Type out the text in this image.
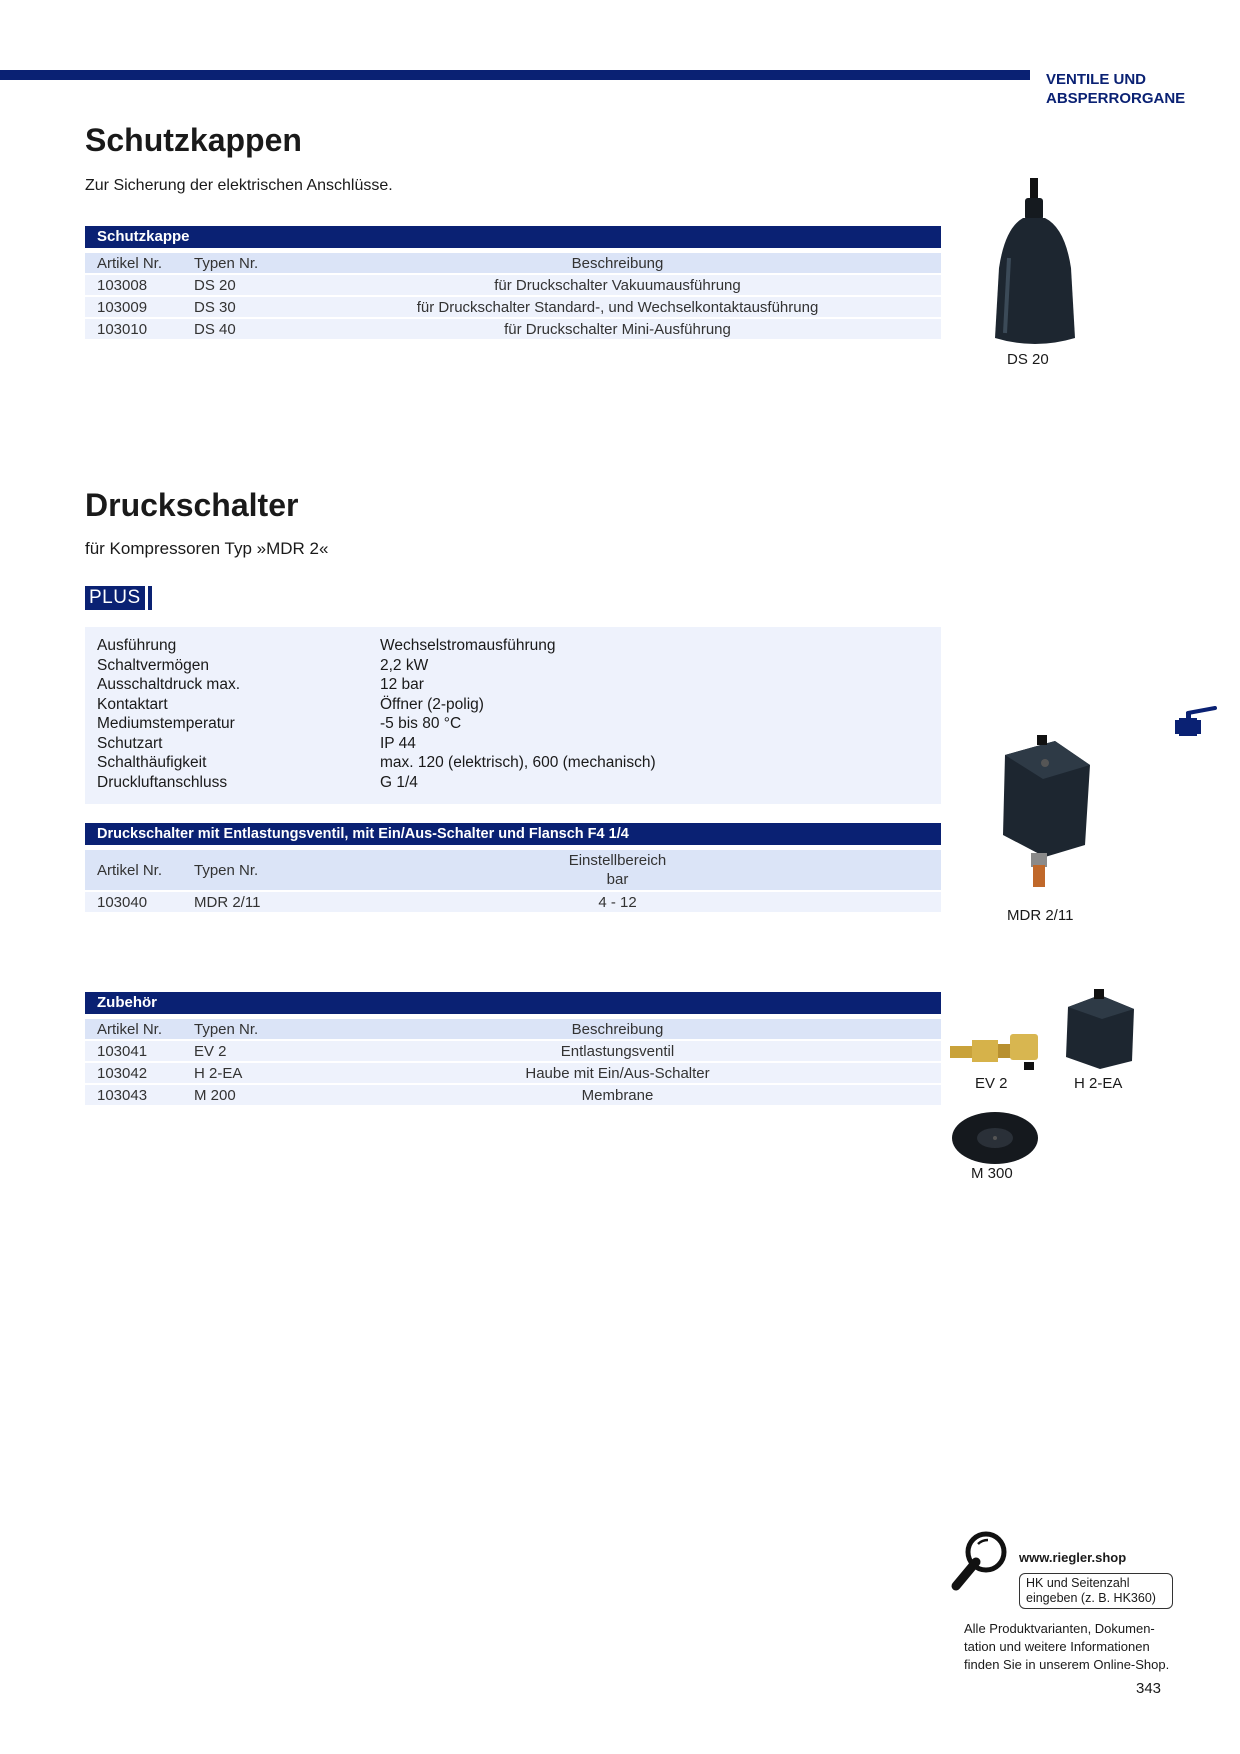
VENTILE UND
ABSPERRORGANE
Schutzkappen
Zur Sicherung der elektrischen Anschlüsse.
Schutzkappe
Artikel Nr.	Typen Nr.	Beschreibung
103008	DS 20	für Druckschalter Vakuumausführung
103009	DS 30	für Druckschalter Standard-, und Wechselkontaktausführung
103010	DS 40	für Druckschalter Mini-Ausführung
DS 20
Druckschalter
für Kompressoren Typ »MDR 2«
PLUS
Ausführung	Wechselstromausführung
Schaltvermögen	2,2 kW
Ausschaltdruck max.	12 bar
Kontaktart	Öffner (2-polig)
Mediumstemperatur	-5 bis 80 °C
Schutzart	IP 44
Schalthäufigkeit	max. 120 (elektrisch), 600 (mechanisch)
Druckluftanschluss	G 1/4
Druckschalter mit Entlastungsventil, mit Ein/Aus-Schalter und Flansch F4 1/4
Artikel Nr.	Typen Nr.
Einstellbereich
bar
103040	MDR 2/11	4 - 12
MDR 2/11
Zubehör
Artikel Nr.	Typen Nr.	Beschreibung
103041	EV 2	Entlastungsventil
103042	H 2-EA	Haube mit Ein/Aus-Schalter
103043	M 200	Membrane
EV 2	H 2-EA
M 300
www.riegler.shop
HK und Seitenzahl
eingeben (z. B. HK360)
Alle Produktvarianten, Dokumen-
tation und weitere Informationen
finden Sie in unserem Online-Shop.
343
